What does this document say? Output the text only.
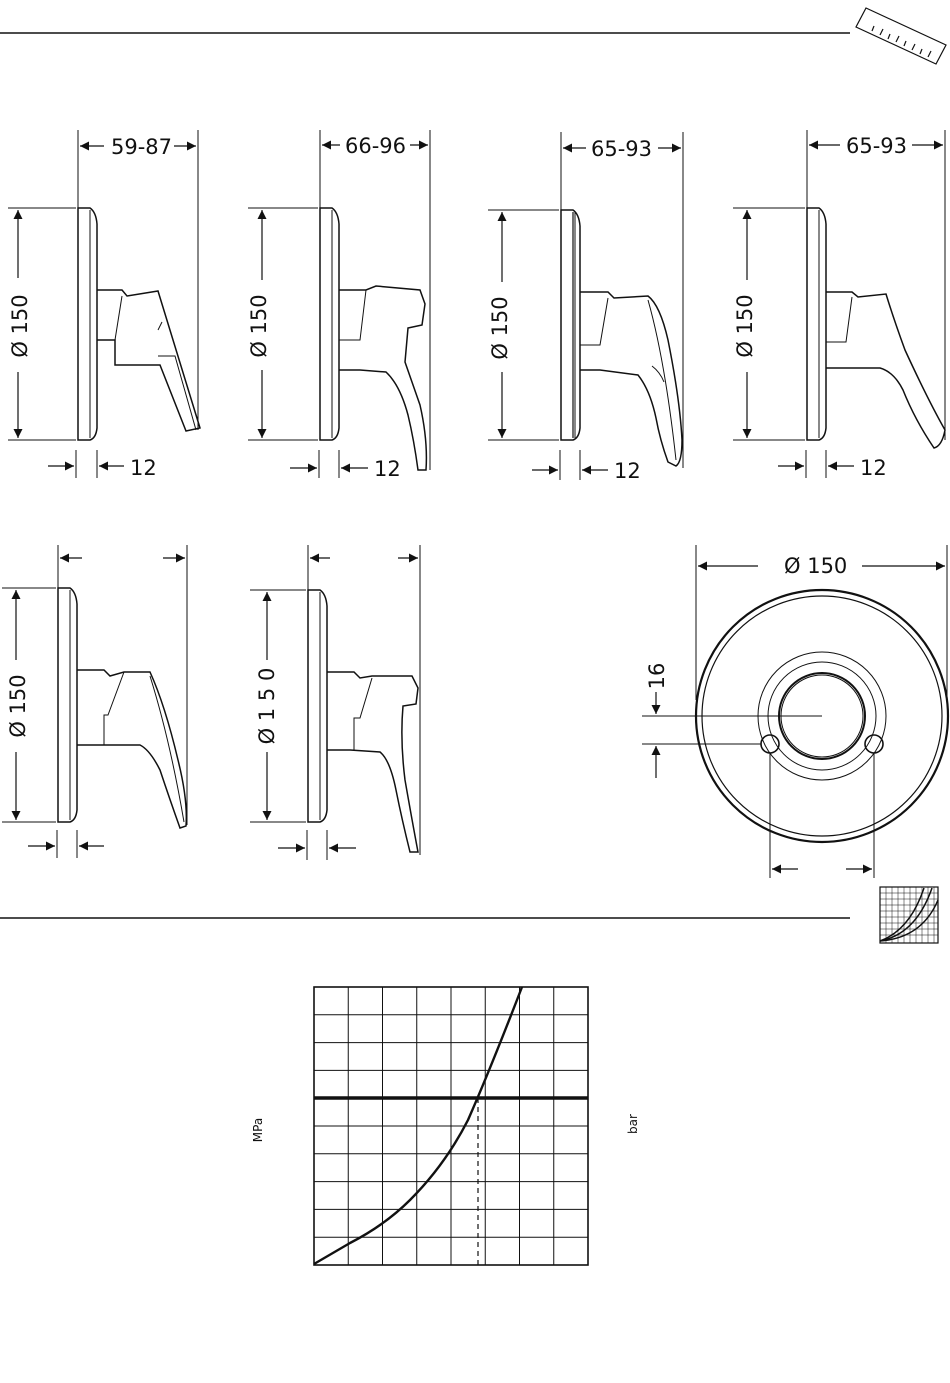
59-87
Ø 150
12
66-96
Ø 150
12
65-93
Ø 150
12
65-93
Ø 150
12
Ø 150	Ø 1 5 0
Ø 150
16
MPa	bar
